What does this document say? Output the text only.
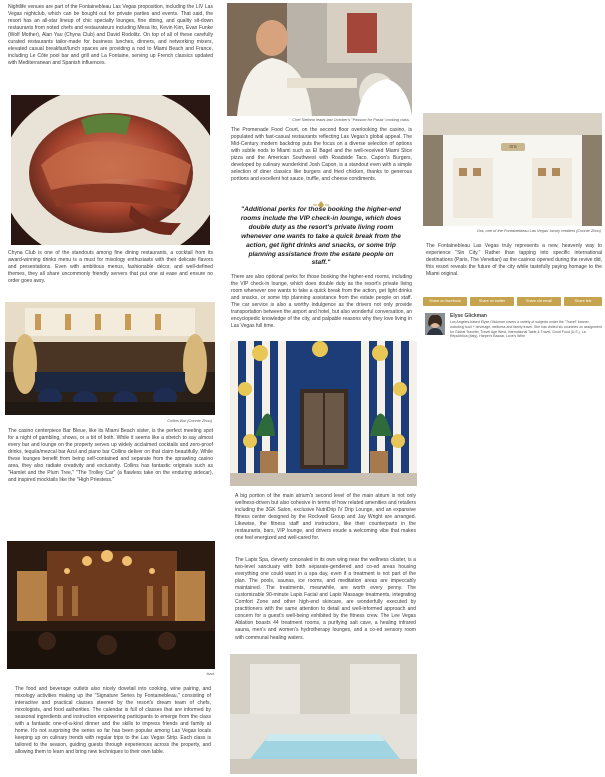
Nightlife venues are part of the Fontainebleau Las Vegas proposition, including the LIV Las Vegas nightclub, which can be bought out for private parties and events. That said, the resort has an all-star lineup of chic specialty lounges, fine dining, and quality sit-down restaurants from noted chefs and restaurateurs including Mesa Ito, Kevin Kim, Evan Funke (Wolf Mother), Alan Yau (Chyna Club) and David Rodolitz. On top of all of these carefully curated restaurants tailor-made for business lunches, dinners, and networking mixers, elevated casual breakfast/lunch spaces are providing a nod to Miami Beach and France, including Le Côte pool bar and grill and La Fontaine, serving up French classics updated with Mediterranean and Spanish influences.

Chyna Club is one of the standouts among fine dining restaurants, a cocktail from its award-winning drinks menu is a must for mixology enthusiasts with their delicate flavors and presentations. Even with ambitious menus, fashionable décor, and well-defined themes, they all share uncommonly friendly servers that put one at ease and ensure no order goes awry.

Collins Bar (Connie Zhou)

The casino centerpiece Bar Bleue, like its Miami Beach sister, is the perfect meeting spot for a night of gambling, shows, or a bit of both. While it seems like a stretch to say almost every bar and lounge on the property serves up widely acclaimed cocktails and zero-proof drinks, tequila/mezcal bar Azul and piano bar Collins deliver on that claim beautifully. While these lounges benefit from being self-contained and separate from the sprawling casino area, they also radiate creativity and exclusivity. Collins has fantastic originals such as "Hamlet and the Plum Tree," "The Trolley Car" (a flawless take on the enduring sidecar), and inspired mocktails like the "High Priestess."

Azul

The food and beverage outlets also nicely dovetail into cooking, wine pairing, and mixology activities making up the "Signature Series by Fontainebleau," consisting of interactive and practical classes steered by the resort's dream team of chefs, mixologists, and food authorities. The calendar is full of classes that are informed by seasonal ingredients and instruction empowering participants to emerge from the class with a fantastic one-of-a-kind dinner and the skills to impress friends and family at home. It's not surprising the series so far has been popular among Las Vegas locals keeping up on culinary trends with regular trips to the Las Vegas Strip. Each class is tailored to the season, guiding guests through experiences across the property, and allowing them to learn and bring new techniques to their own table.

Chef Stefano leads last October's "Passion for Pasta" cooking class.

The Promenade Food Court, on the second floor overlooking the casino, is populated with fast-casual restaurants reflecting Las Vegas's global appeal. The Mid-Century modern backdrop puts the focus on a diverse selection of options with subtle nods to Miami such as El Bagel and the well-received Miami Slice pizza and the American Southwest with Roadside Taco. Capon's Burgers, developed by culinary wunderkind Josh Capon, is a standout even with a simple selection of diner classics like burgers and fried chicken, thanks to generous portions and excellent hot sauce, truffle, and cheese condiments.

"Additional perks for those booking the higher-end rooms include the VIP check-in lounge, which does double duty as the resort's private living room whenever one wants to take a quick break from the action, get light drinks and snacks, or some trip planning assistance from the estate people on staff."

There are also optional perks for those booking the higher-end rooms, including the VIP check-in lounge, which does double duty as the resort's private living room whenever one wants to take a quick break from the action, get light drinks and snacks, or some trip planning assistance from the estate people on staff. The car service is also a worthy indulgence as the drivers not only provide transportation between the airport and hotel, but also wonderful conversation, an encyclopedic knowledge of the city, and palpable reasons why they love living in Las Vegas full time.

A big portion of the main atrium's second level of the main atrium is not only wellness-driven but also cohesive in terms of how related amenities and retailers including the 3GK Salon, exclusive NutriDrip IV Drip Lounge, and an expansive fitness center designed by the Rockwell Group and Jay Wright are arranged. Likewise, the fitness staff and instructors, like their counterparts in the restaurants, bars, VIP lounge, and drivers exude a welcoming vibe that makes one feel energized and well-cared for.

The Lapis Spa, cleverly concealed in its own wing near the wellness cluster, is a two-level sanctuary with both separate-gendered and co-ed areas housing everything one could want in a spa day, even if a treatment is not part of the plan. The pools, saunas, ice rooms, and meditation areas are impeccably maintained. The treatments, meanwhile, are worth every penny. The customizable 90-minute Lapis Facial and Lapis Massage treatments, integrating Comfort Zone and other high-end skincare, are wonderfully executed by practitioners with the same attention to detail and well-informed approach and concern for a guest's well-being exhibited by the fitness crew. The Lee Vegas Ablation boasts 44 treatment rooms, a purifying salt cave, a healing infrared sauna, men's and women's hydrotherapy lounges, and a co-ed sensory room with communal healing waters.

ora
Ora, one of the Fontainebleau Las Vegas' luxury retailers (Connie Zhou)

The Fontainebleau Las Vegas truly represents a new, heavenly way to experience "Sin City." Rather than tapping into specific international destinations (Paris, The Venetian) as the casinos opened during the revive did, this resort reveals the future of the city while tastefully paying homage to the Miami original.

Share on facebook	Share on twitter	Share via email	Share link
Elyse Glickman

Los Angeles-based Elyse Glickman covers a variety of subjects under the "Travel" banner, including food + beverage, wellness and family travel. She has visited six countries on assignment for Global Traveler, Travel Age West, International Table & Travel, Good Food (U.S.), La Repubblica (Italy), Harper's Bazaar, Luxe's Wine
